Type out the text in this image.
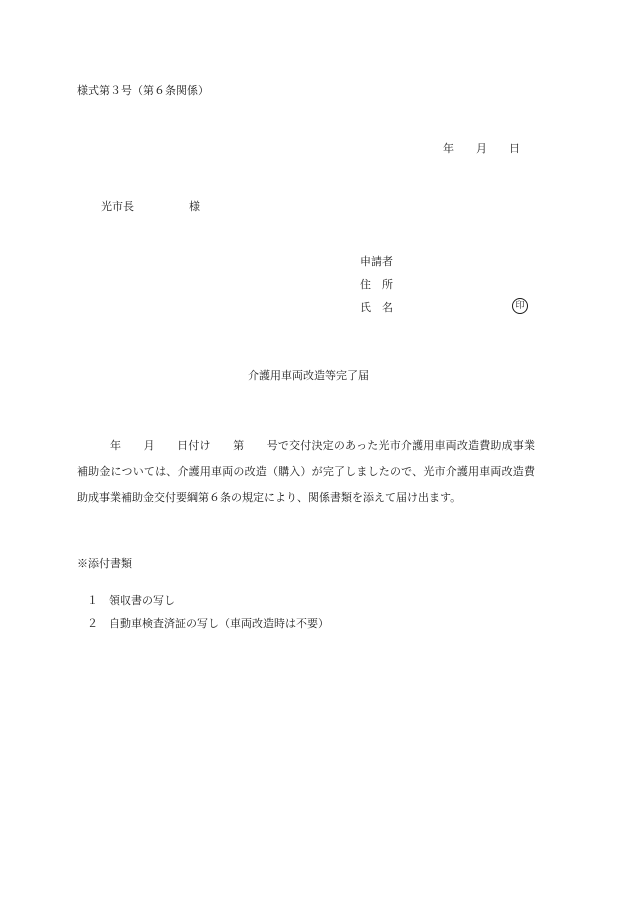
様式第３号（第６条関係）
年　　月　　日
光市長　　　　　様
申請者
住　所
氏　名	印
介護用車両改造等完了届
年　　月　　日付け　　第　　号で交付決定のあった光市介護用車両改造費助成事業補助金については、介護用車両の改造（購入）が完了しましたので、光市介護用車両改造費助成事業補助金交付要綱第６条の規定により、関係書類を添えて届け出ます。
※添付書類

１ 領収書の写し

２ 自動車検査済証の写し（車両改造時は不要）
